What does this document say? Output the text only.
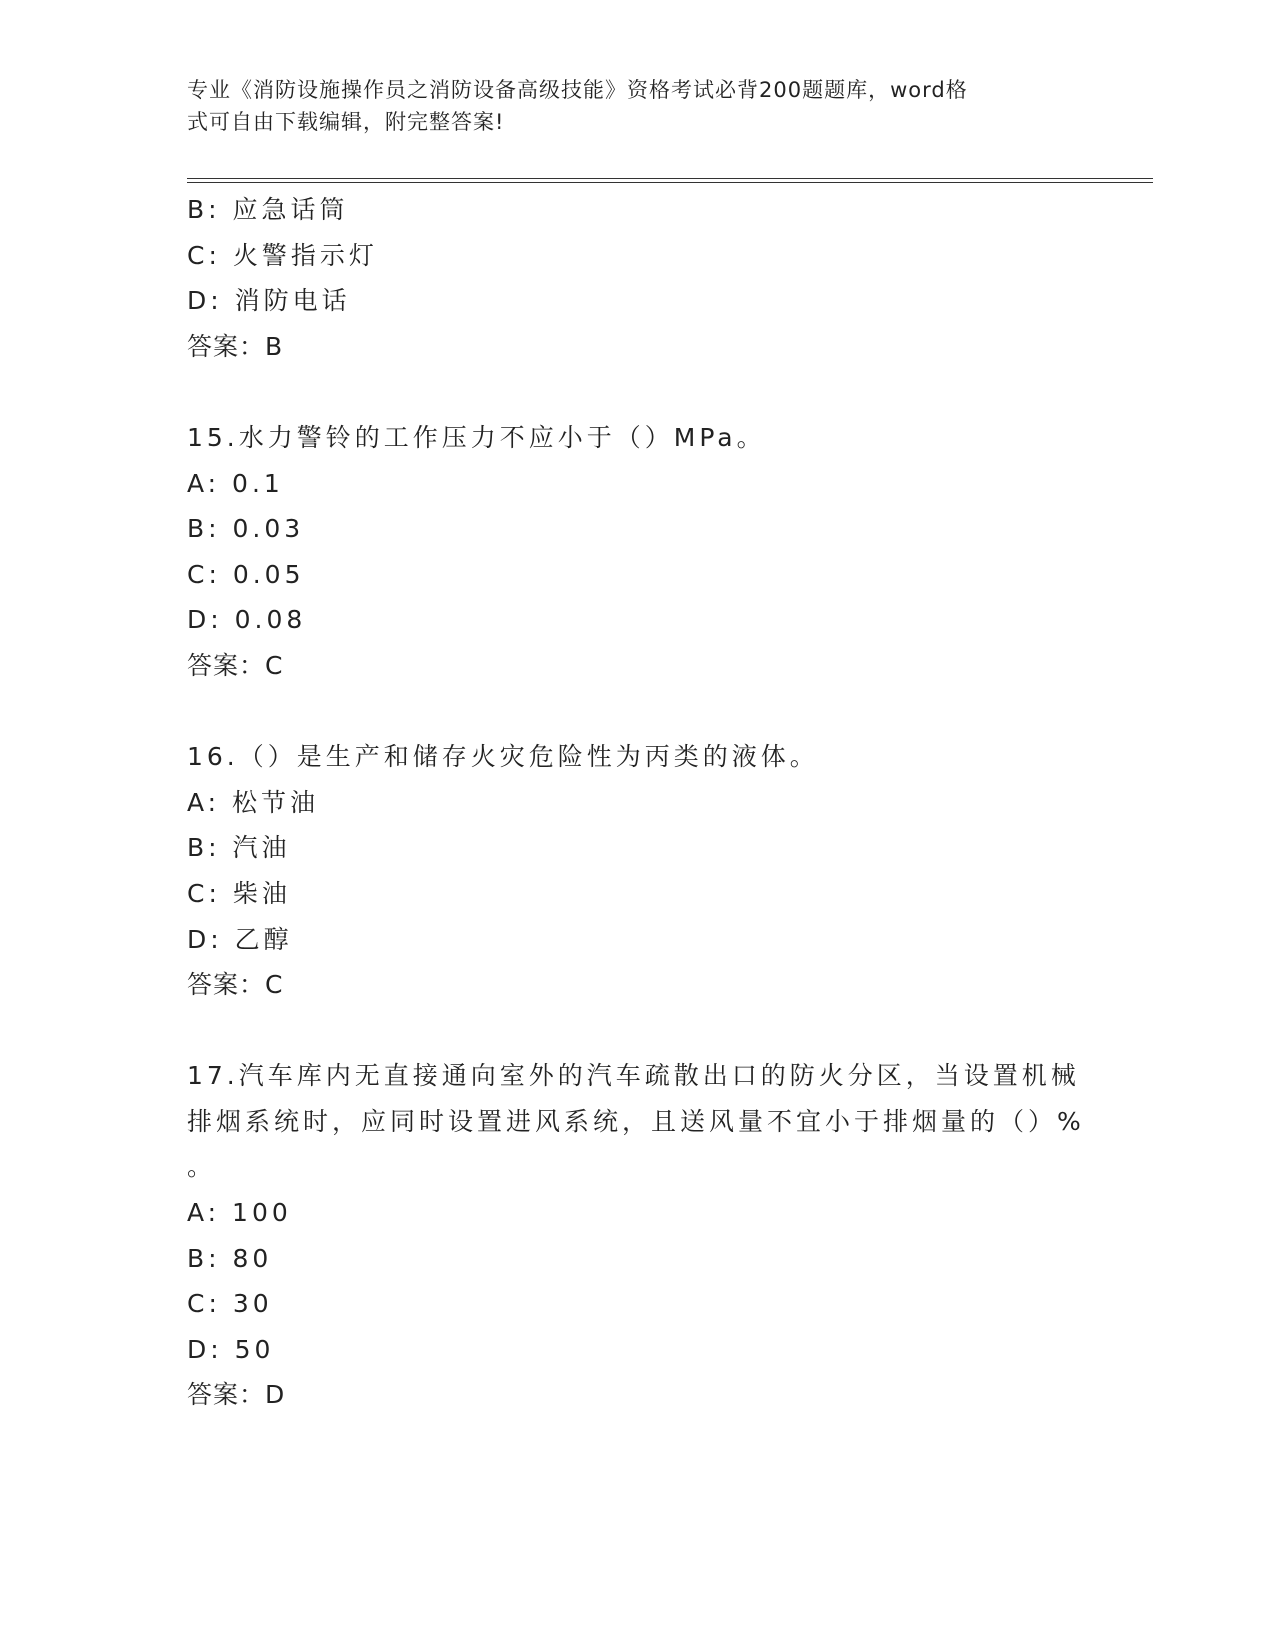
专业《消防设施操作员之消防设备高级技能》资格考试必背200题题库，word格
式可自由下载编辑，附完整答案!
B: 应急话筒
C: 火警指示灯
D: 消防电话
答案：B
15.水力警铃的工作压力不应小于（）MPa。
A: 0.1
B: 0.03
C: 0.05
D: 0.08
答案：C
16.（）是生产和储存火灾危险性为丙类的液体。
A: 松节油
B: 汽油
C: 柴油
D: 乙醇
答案：C
17.汽车库内无直接通向室外的汽车疏散出口的防火分区，当设置机械
排烟系统时，应同时设置进风系统，且送风量不宜小于排烟量的（）%
。
A: 100
B: 80
C: 30
D: 50
答案：D
